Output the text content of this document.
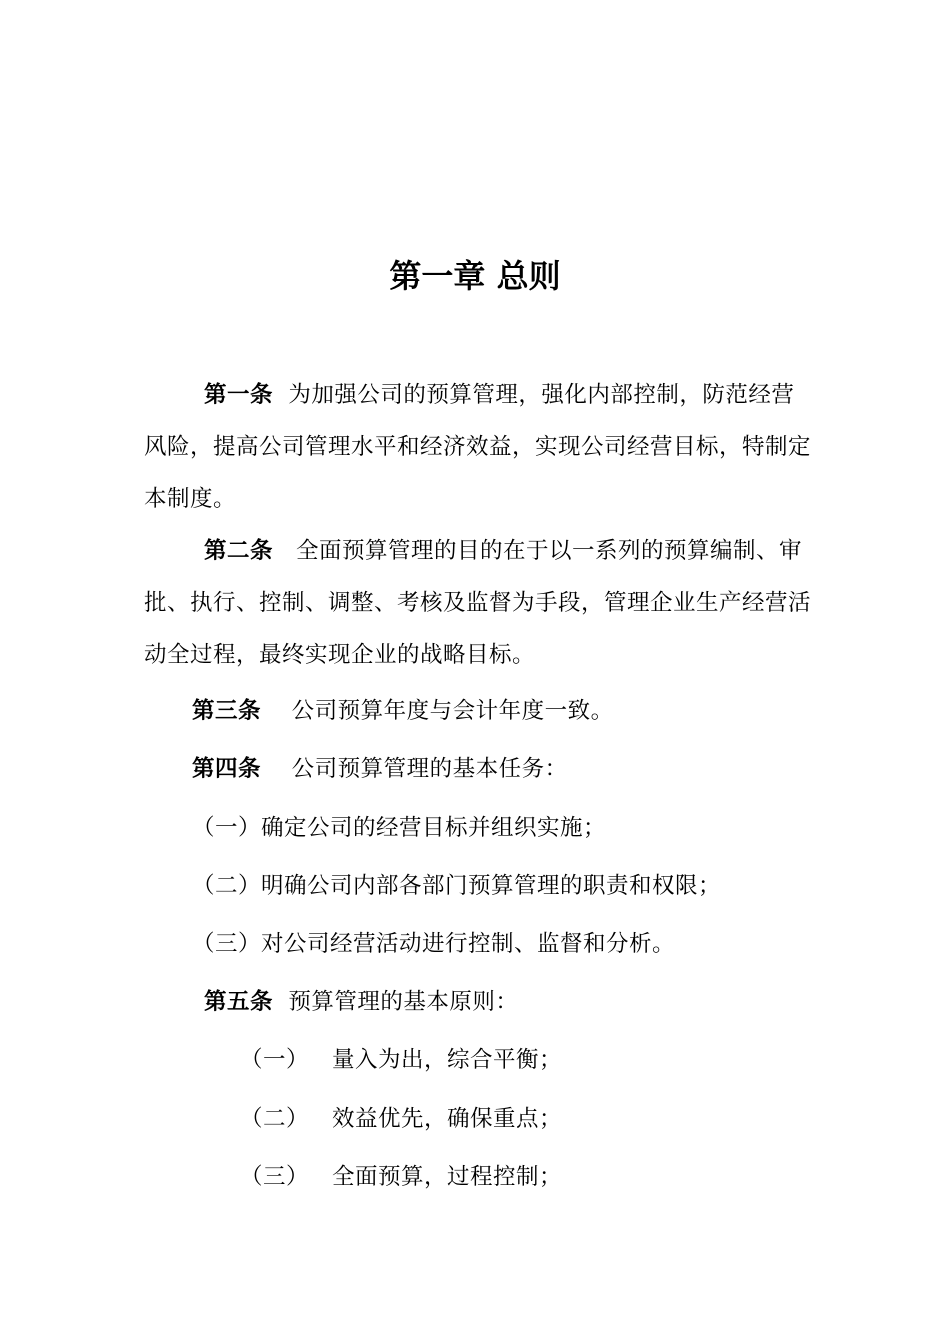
第一章 总则
第一条 为加强公司的预算管理，强化内部控制，防范经营风险，提高公司管理水平和经济效益，实现公司经营目标，特制定本制度。
第二条 全面预算管理的目的在于以一系列的预算编制、审批、执行、控制、调整、考核及监督为手段，管理企业生产经营活动全过程，最终实现企业的战略目标。
第三条 公司预算年度与会计年度一致。
第四条 公司预算管理的基本任务：
（一）确定公司的经营目标并组织实施；
（二）明确公司内部各部门预算管理的职责和权限；
（三）对公司经营活动进行控制、监督和分析。
第五条 预算管理的基本原则：
（一） 量入为出，综合平衡；
（二） 效益优先，确保重点；
（三） 全面预算，过程控制；
